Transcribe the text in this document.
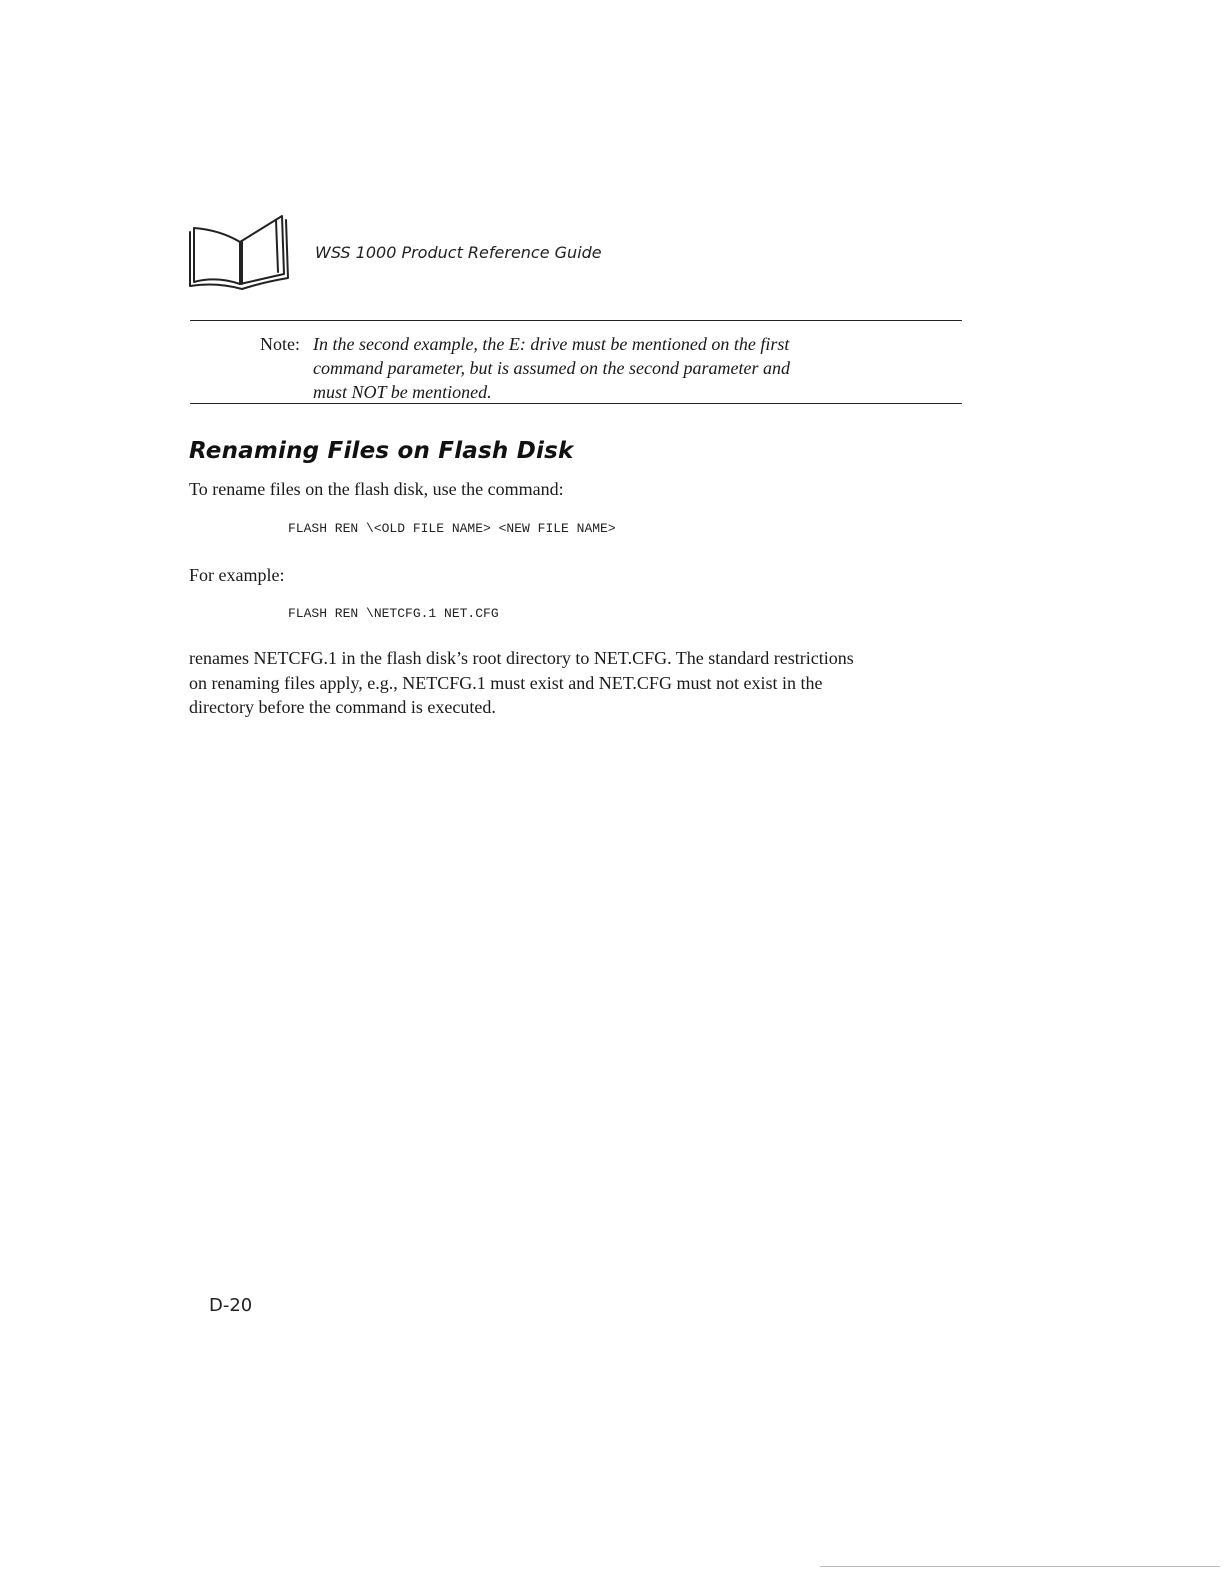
WSS 1000 Product Reference Guide
Note: In the second example, the E: drive must be mentioned on the first
command parameter, but is assumed on the second parameter and
must NOT be mentioned.
Renaming Files on Flash Disk
To rename files on the flash disk, use the command:
FLASH REN \<OLD FILE NAME> <NEW FILE NAME>
For example:
FLASH REN \NETCFG.1 NET.CFG
renames NETCFG.1 in the flash disk’s root directory to NET.CFG. The standard restrictions
on renaming files apply, e.g., NETCFG.1 must exist and NET.CFG must not exist in the
directory before the command is executed.
D-20
